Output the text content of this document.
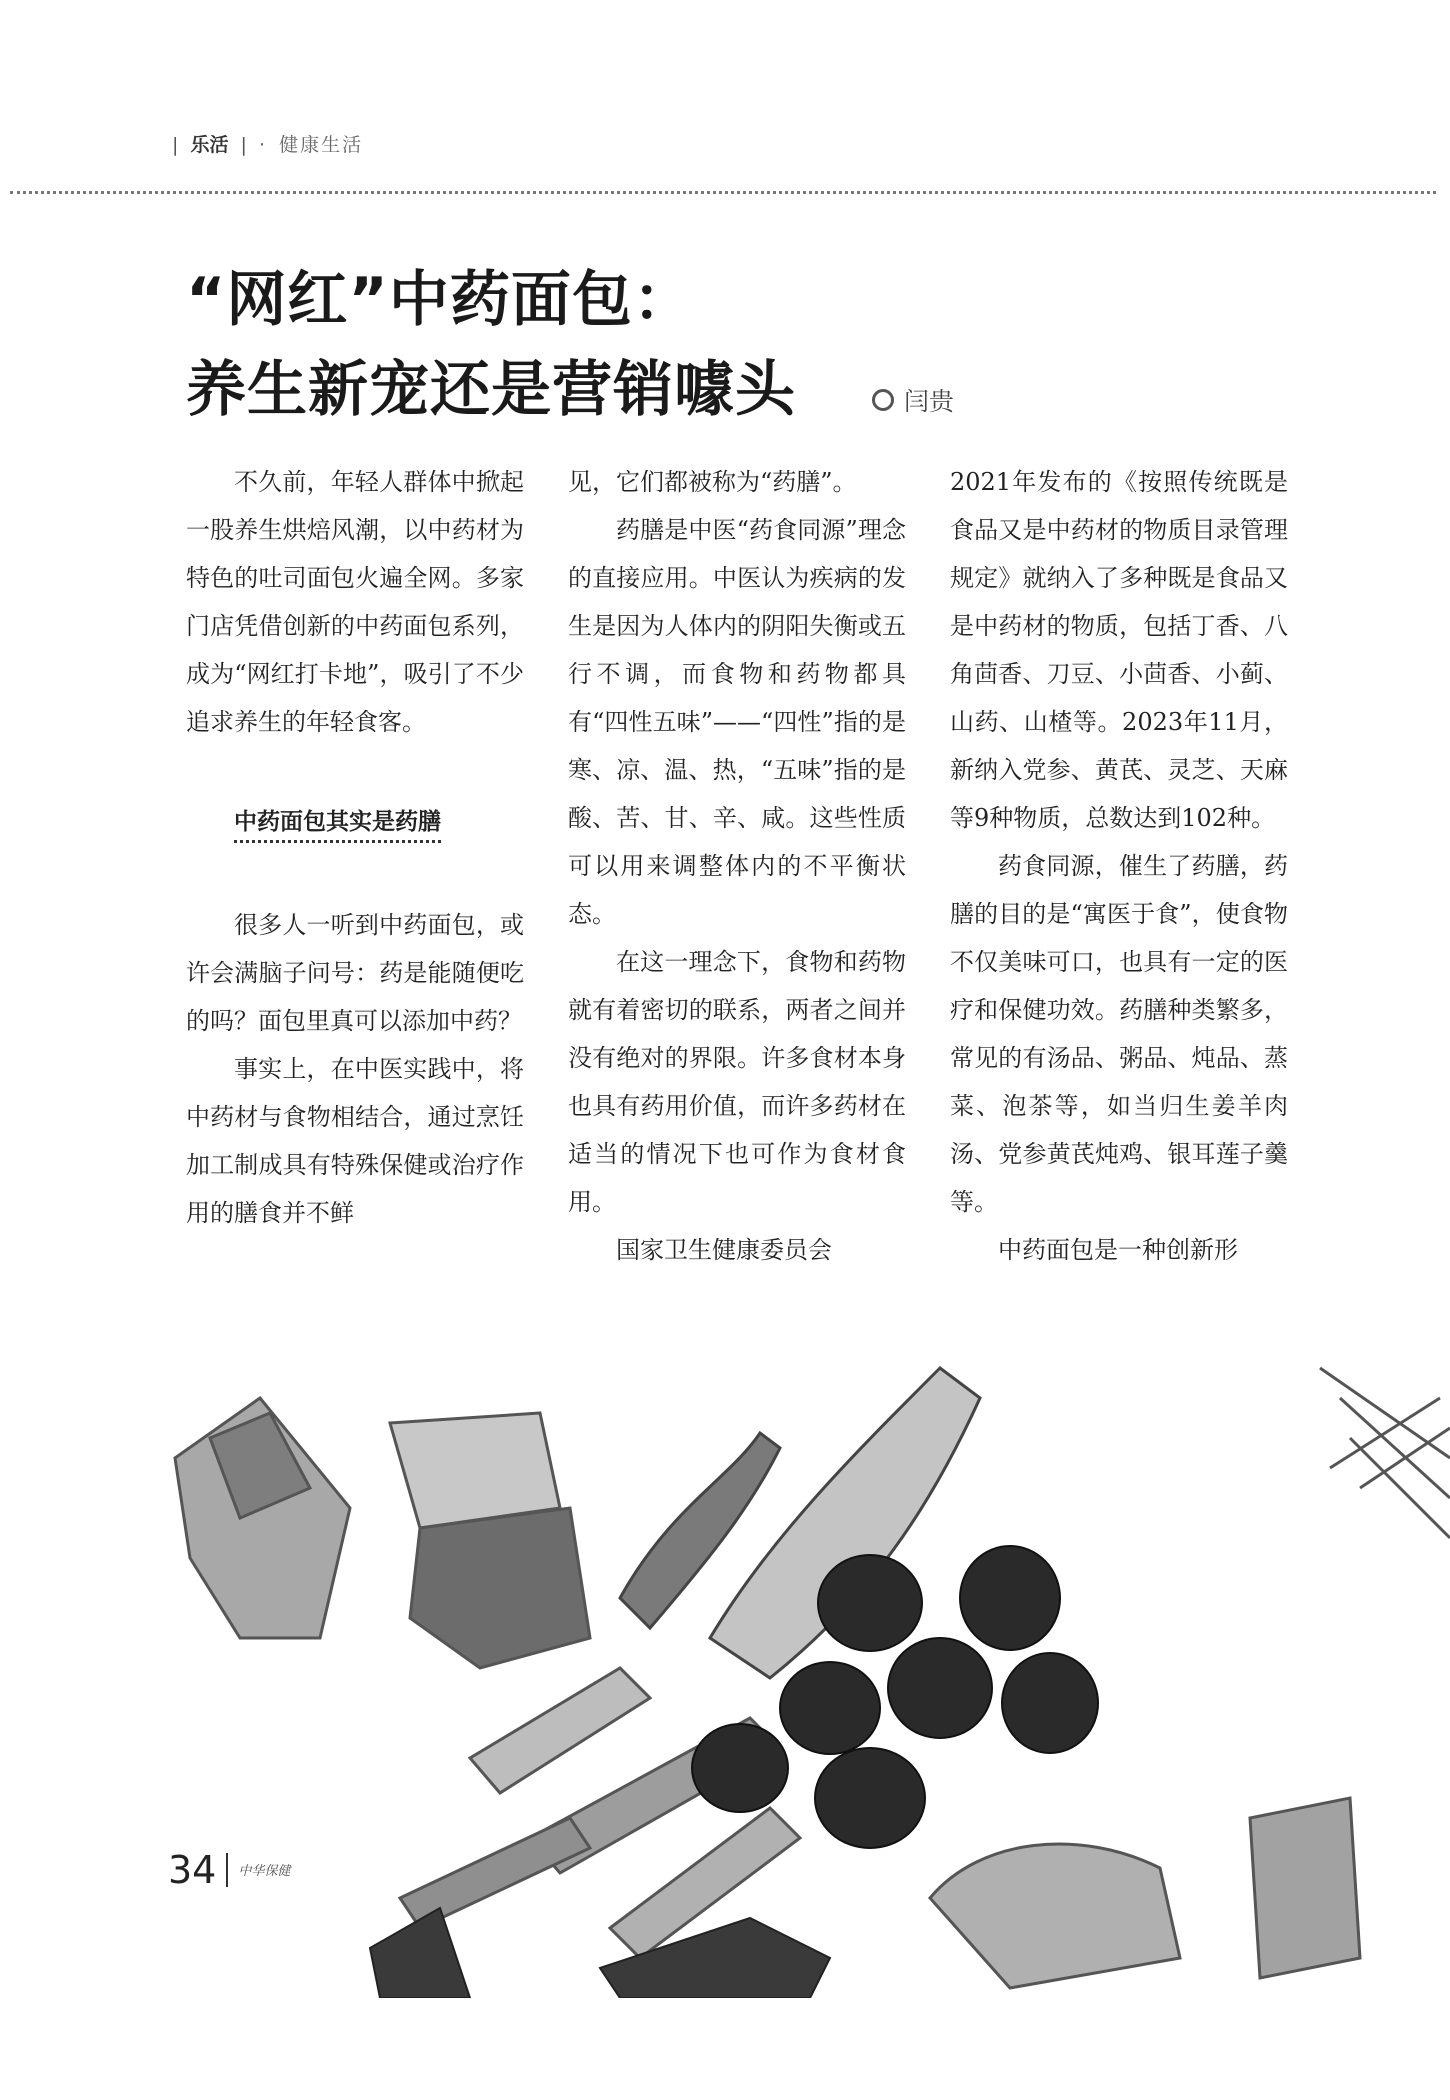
| 乐活 | · 健康生活
“网红”中药面包：
养生新宠还是营销噱头	闫贵

不久前，年轻人群体中掀起一股养生烘焙风潮，以中药材为特色的吐司面包火遍全网。多家门店凭借创新的中药面包系列，成为“网红打卡地”，吸引了不少追求养生的年轻食客。

中药面包其实是药膳

很多人一听到中药面包，或许会满脑子问号：药是能随便吃的吗？面包里真可以添加中药？

事实上，在中医实践中，将中药材与食物相结合，通过烹饪加工制成具有特殊保健或治疗作用的膳食并不鲜

见，它们都被称为“药膳”。

药膳是中医“药食同源”理念的直接应用。中医认为疾病的发生是因为人体内的阴阳失衡或五行不调，而食物和药物都具有“四性五味”——“四性”指的是寒、凉、温、热，“五味”指的是酸、苦、甘、辛、咸。这些性质可以用来调整体内的不平衡状态。

在这一理念下，食物和药物就有着密切的联系，两者之间并没有绝对的界限。许多食材本身也具有药用价值，而许多药材在适当的情况下也可作为食材食用。

国家卫生健康委员会

2021年发布的《按照传统既是食品又是中药材的物质目录管理规定》就纳入了多种既是食品又是中药材的物质，包括丁香、八角茴香、刀豆、小茴香、小蓟、山药、山楂等。2023年11月，新纳入党参、黄芪、灵芝、天麻等9种物质，总数达到102种。

药食同源，催生了药膳，药膳的目的是“寓医于食”，使食物不仅美味可口，也具有一定的医疗和保健功效。药膳种类繁多，常见的有汤品、粥品、炖品、蒸菜、泡茶等，如当归生姜羊肉汤、党参黄芪炖鸡、银耳莲子羹等。

中药面包是一种创新形

34 $^{中华保健}$
